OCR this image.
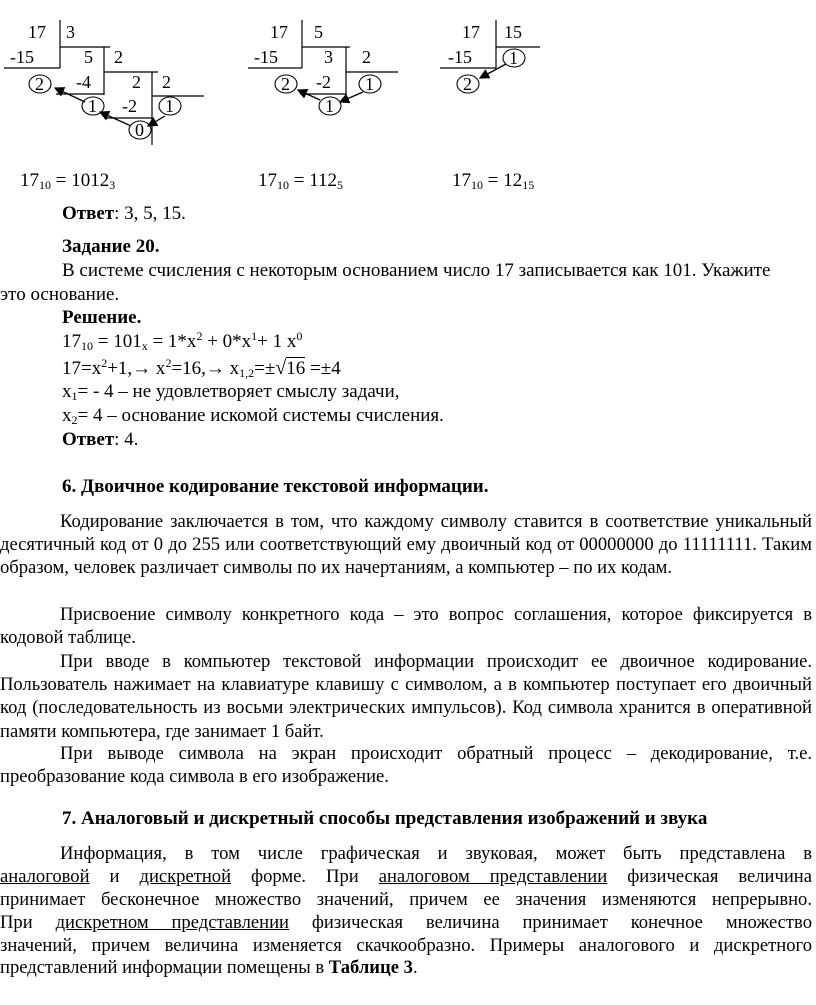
17 3
-15	5 2
2 -4 2 2
1 -2 1
0
17 5
-15	3 2
2 -2 1
1
17 15
-15 1
2
$17_{10} = 1012_3$	$17_{10} = 112_5$	$17_{10} = 12_{15}$
Ответ: 3, 5, 15.
Задание 20.
В системе счисления с некоторым основанием число 17 записывается как 101. Укажите
это основание.
Решение.
$17_{10} = 101_x = 1*x^2 + 0*x^1+ 1$ $x^0$
$17=x^2+1,\to x^2=16,\to x_{1,2}=\pm√16 =\pm 4$
$x_1= - 4$ – не удовлетворяет смыслу задачи,
$x_2= 4$ – основание искомой системы счисления.
Ответ: 4.
6. Двоичное кодирование текстовой информации.
Кодирование заключается в том, что каждому символу ставится в соответствие уникальный десятичный код от 0 до 255 или соответствующий ему двоичный код от 00000000 до 11111111. Таким образом, человек различает символы по их начертаниям, а компьютер – по их кодам.
Присвоение символу конкретного кода – это вопрос соглашения, которое фиксируется в кодовой таблице.
При вводе в компьютер текстовой информации происходит ее двоичное кодирование. Пользователь нажимает на клавиатуре клавишу с символом, а в компьютер поступает его двоичный код (последовательность из восьми электрических импульсов). Код символа хранится в оперативной памяти компьютера, где занимает 1 байт.
При выводе символа на экран происходит обратный процесс – декодирование, т.е. преобразование кода символа в его изображение.
7. Аналоговый и дискретный способы представления изображений и звука
Информация, в том числе графическая и звуковая, может быть представлена в
аналоговой и дискретной форме. При аналоговом представлении физическая величина
принимает бесконечное множество значений, причем ее значения изменяются непрерывно.
При дискретном представлении физическая величина принимает конечное множество
значений, причем величина изменяется скачкообразно. Примеры аналогового и дискретного
представлений информации помещены в Таблице 3.
